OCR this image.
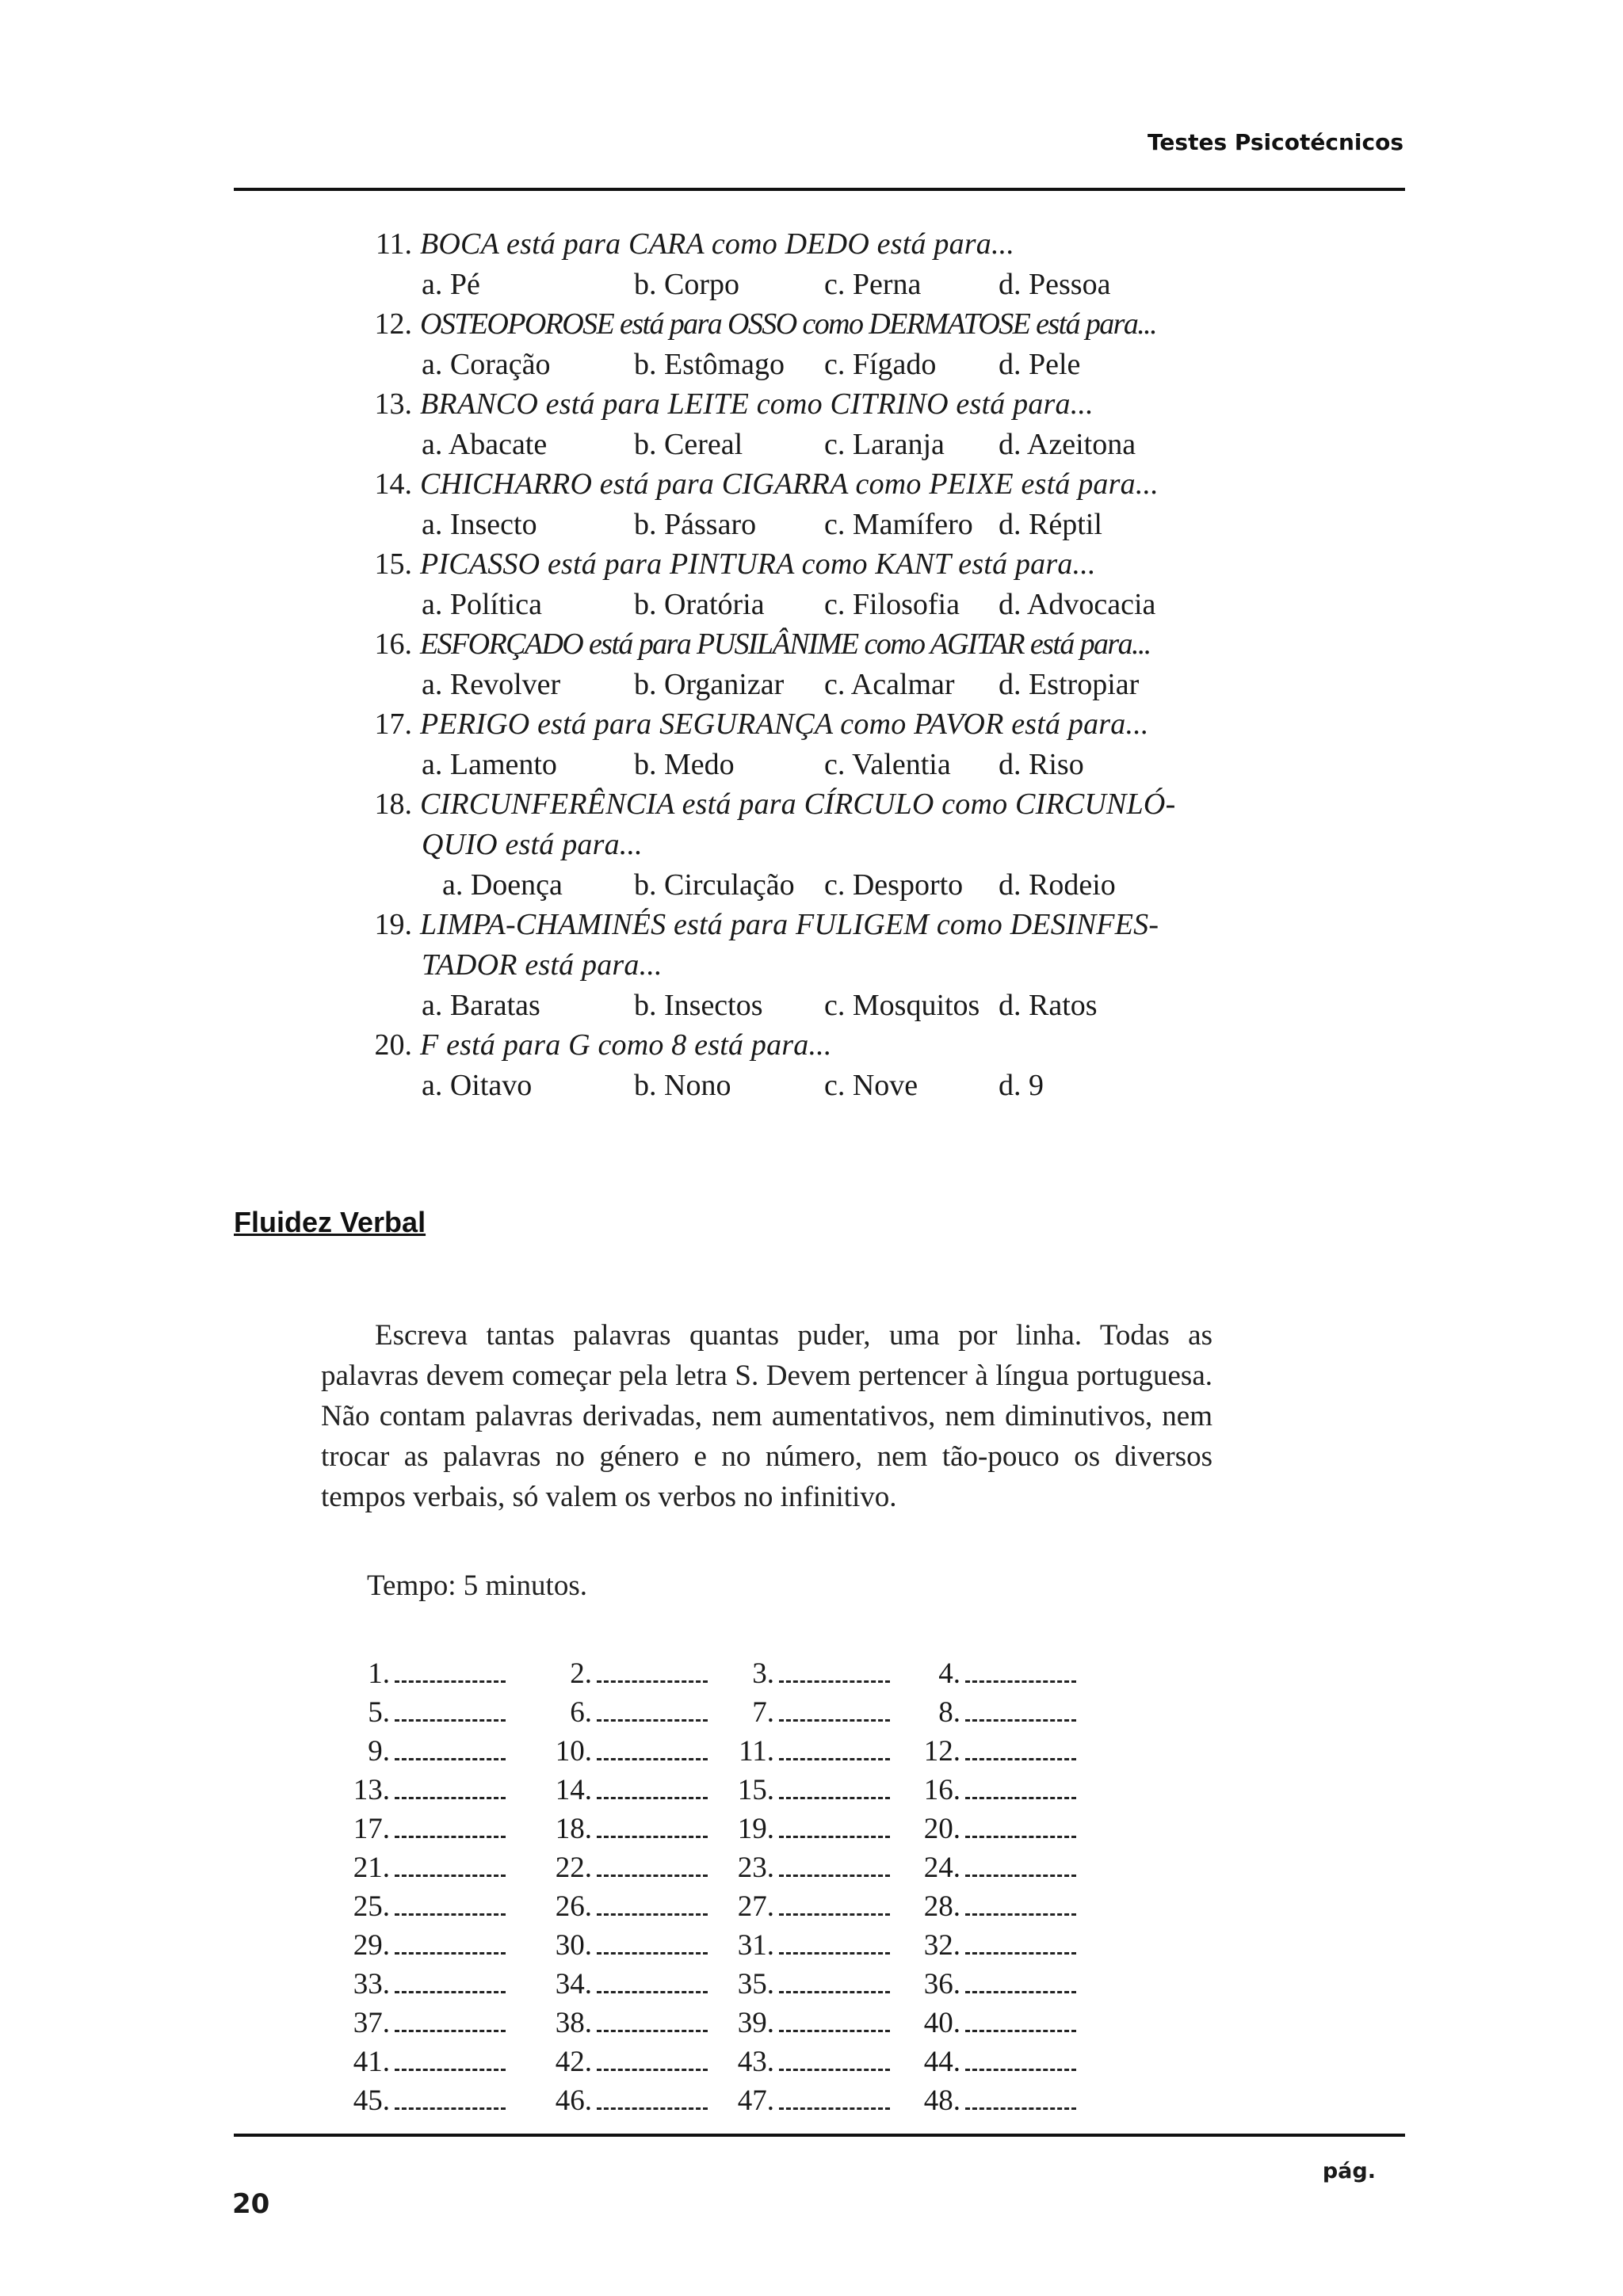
Testes Psicotécnicos
11. BOCA está para CARA como DEDO está para...
a. Pé	b. Corpo	c. Perna	d. Pessoa
12. OSTEOPOROSE está para OSSO como DERMATOSE está para...
a. Coração	b. Estômago c. Fígado d. Pele
13. BRANCO está para LEITE como CITRINO está para...
a. Abacate	b. Cereal	c. Laranja d. Azeitona
14. CHICHARRO está para CIGARRA como PEIXE está para...
a. Insecto	b. Pássaro c. Mamífero d. Réptil
15. PICASSO está para PINTURA como KANT está para...
a. Política	b. Oratória c. Filosofia d. Advocacia
16. ESFORÇADO está para PUSILÂNIME como AGITAR está para...
a. Revolver b. Organizar c. Acalmar d. Estropiar
17. PERIGO está para SEGURANÇA como PAVOR está para...
a. Lamento	b. Medo	c. Valentia d. Riso
18. CIRCUNFERÊNCIA está para CÍRCULO como CIRCUNLÓ-
QUIO está para...
a. Doença b. Circulação c. Desporto d. Rodeio
19. LIMPA-CHAMINÉS está para FULIGEM como DESINFES-
TADOR está para...
a. Baratas	b. Insectos c. Mosquitos d. Ratos
20. F está para G como 8 está para...
a. Oitavo	b. Nono	c. Nove	d. 9
Fluidez Verbal

Escreva tantas palavras quantas puder, uma por linha. Todas as palavras devem começar pela letra S. Devem pertencer à língua portuguesa. Não contam palavras derivadas, nem aumentativos, nem diminutivos, nem trocar as palavras no género e no número, nem tão-pouco os diversos tempos verbais, só valem os verbos no infinitivo.

Tempo: 5 minutos.
1.	2.	3.	4.
5.	6.	7.	8.
9.	10.	11.	12.
13.	14.	15.	16.
17.	18.	19.	20.
21.	22.	23.	24.
25.	26.	27.	28.
29.	30.	31.	32.
33.	34.	35.	36.
37.	38.	39.	40.
41.	42.	43.	44.
45.	46.	47.	48.
pág.
20
